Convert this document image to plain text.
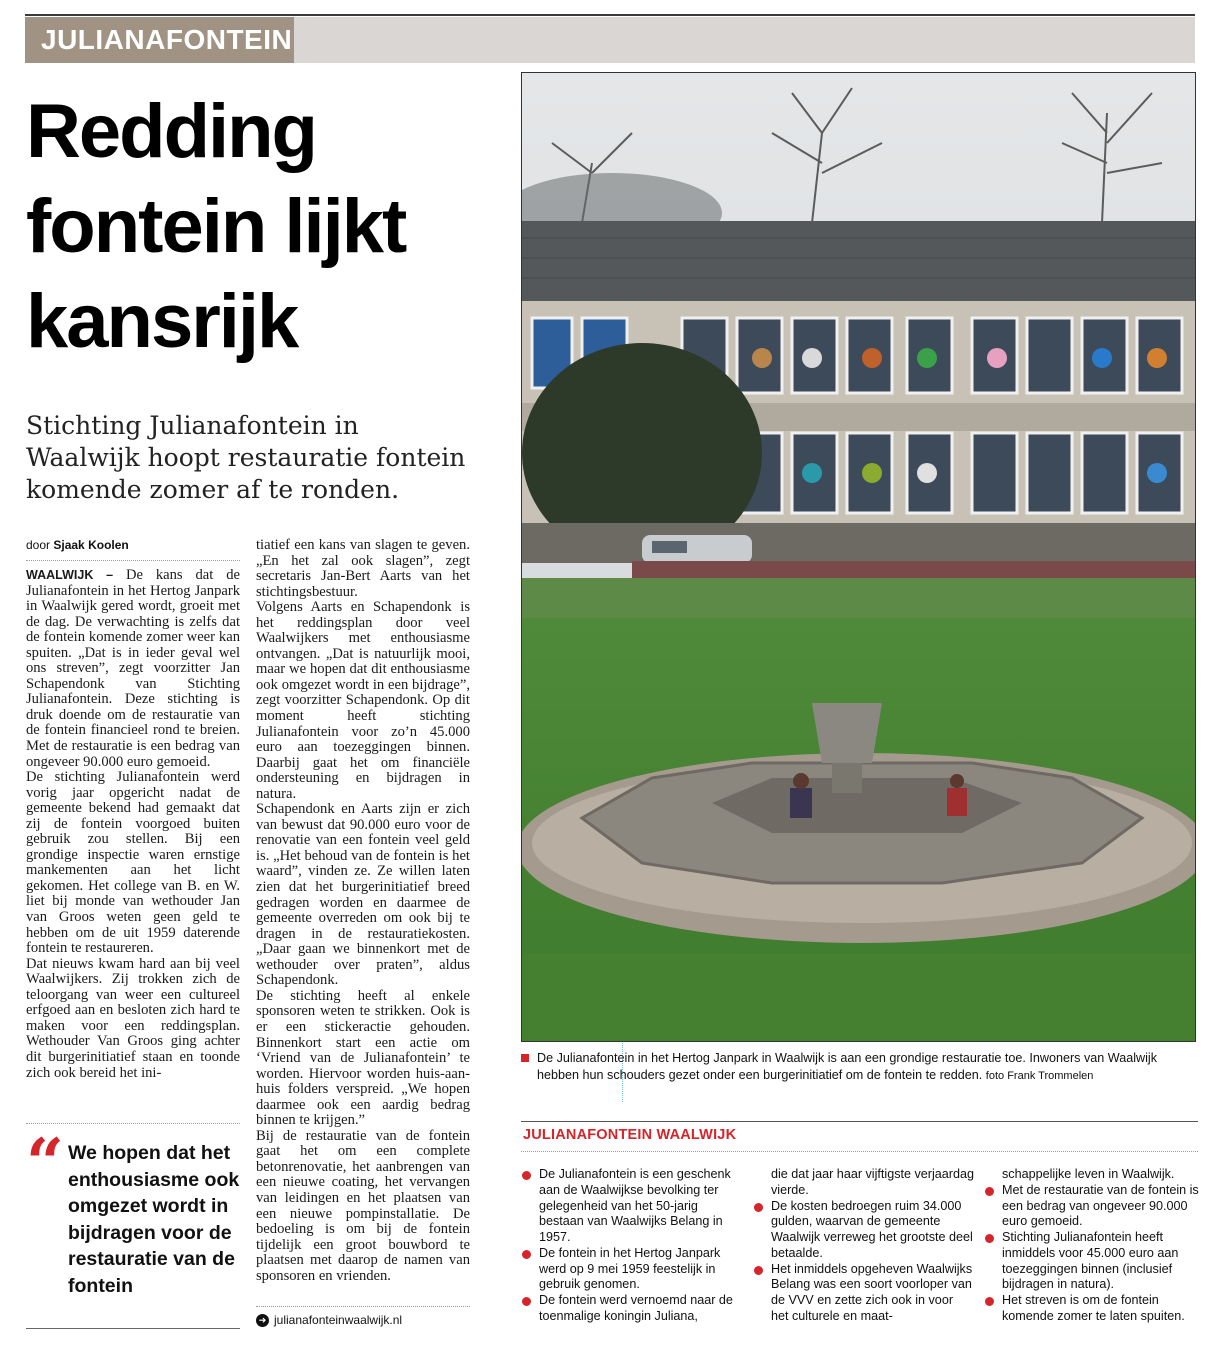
JULIANAFONTEIN
Redding
fontein lijkt
kansrijk

Stichting Julianafontein in Waalwijk hoopt restauratie fontein komende zomer af te ronden.

door Sjaak Koolen

WAALWIJK – De kans dat de Julianafontein in het Hertog Janpark in Waalwijk gered wordt, groeit met de dag. De verwachting is zelfs dat de fontein komende zomer weer kan spuiten. „Dat is in ieder geval wel ons streven”, zegt voorzitter Jan Schapendonk van Stichting Julianafontein. Deze stichting is druk doende om de restauratie van de fontein financieel rond te breien. Met de restauratie is een bedrag van ongeveer 90.000 euro gemoeid.

De stichting Julianafontein werd vorig jaar opgericht nadat de gemeente bekend had gemaakt dat zij de fontein voorgoed buiten gebruik zou stellen. Bij een grondige inspectie waren ernstige mankementen aan het licht gekomen. Het college van B. en W. liet bij monde van wethouder Jan van Groos weten geen geld te hebben om de uit 1959 daterende fontein te restaureren.

Dat nieuws kwam hard aan bij veel Waalwijkers. Zij trokken zich de teloorgang van weer een cultureel erfgoed aan en besloten zich hard te maken voor een reddingsplan. Wethouder Van Groos ging achter dit burgerinitiatief staan en toonde zich ook bereid het ini-

tiatief een kans van slagen te geven. „En het zal ook slagen”, zegt secretaris Jan-Bert Aarts van het stichtingsbestuur.

Volgens Aarts en Schapendonk is het reddingsplan door veel Waalwijkers met enthousiasme ontvangen. „Dat is natuurlijk mooi, maar we hopen dat dit enthousiasme ook omgezet wordt in een bijdrage”, zegt voorzitter Schapendonk. Op dit moment heeft stichting Julianafontein voor zo’n 45.000 euro aan toezeggingen binnen. Daarbij gaat het om financiële ondersteuning en bijdragen in natura.

Schapendonk en Aarts zijn er zich van bewust dat 90.000 euro voor de renovatie van een fontein veel geld is. „Het behoud van de fontein is het waard”, vinden ze. Ze willen laten zien dat het burgerinitiatief breed gedragen worden en daarmee de gemeente overreden om ook bij te dragen in de restauratiekosten. „Daar gaan we binnenkort met de wethouder over praten”, aldus Schapendonk.

De stichting heeft al enkele sponsoren weten te strikken. Ook is er een stickeractie gehouden. Binnenkort start een actie om ‘Vriend van de Julianafontein’ te worden. Hiervoor worden huis-aan-huis folders verspreid. „We hopen daarmee ook een aardig bedrag binnen te krijgen.”

Bij de restauratie van de fontein gaat het om een complete betonrenovatie, het aanbrengen van een nieuwe coating, het vervangen van leidingen en het plaatsen van een nieuwe pompinstallatie. De bedoeling is om bij de fontein tijdelijk een groot bouwbord te plaatsen met daarop de namen van sponsoren en vrienden.

➜ julianafonteinwaalwijk.nl
“ We hopen dat het enthousiasme ook omgezet wordt in bijdragen voor de restauratie van de fontein
De Julianafontein in het Hertog Janpark in Waalwijk is aan een grondige restauratie toe. Inwoners van Waalwijk hebben hun schouders gezet onder een burgerinitiatief om de fontein te redden. foto Frank Trommelen
JULIANAFONTEIN WAALWIJK
De Julianafontein is een geschenk aan de Waalwijkse bevolking ter gelegenheid van het 50-jarig bestaan van Waalwijks Belang in 1957.
De fontein in het Hertog Janpark werd op 9 mei 1959 feestelijk in gebruik genomen.
De fontein werd vernoemd naar de toenmalige koningin Juliana,
die dat jaar haar vijftigste verjaardag vierde.
De kosten bedroegen ruim 34.000 gulden, waarvan de gemeente Waalwijk verreweg het grootste deel betaalde.
Het inmiddels opgeheven Waalwijks Belang was een soort voorloper van de VVV en zette zich ook in voor het culturele en maat-
schappelijke leven in Waalwijk.
Met de restauratie van de fontein is een bedrag van ongeveer 90.000 euro gemoeid.
Stichting Julianafontein heeft inmiddels voor 45.000 euro aan toezeggingen binnen (inclusief bijdragen in natura).
Het streven is om de fontein komende zomer te laten spuiten.
